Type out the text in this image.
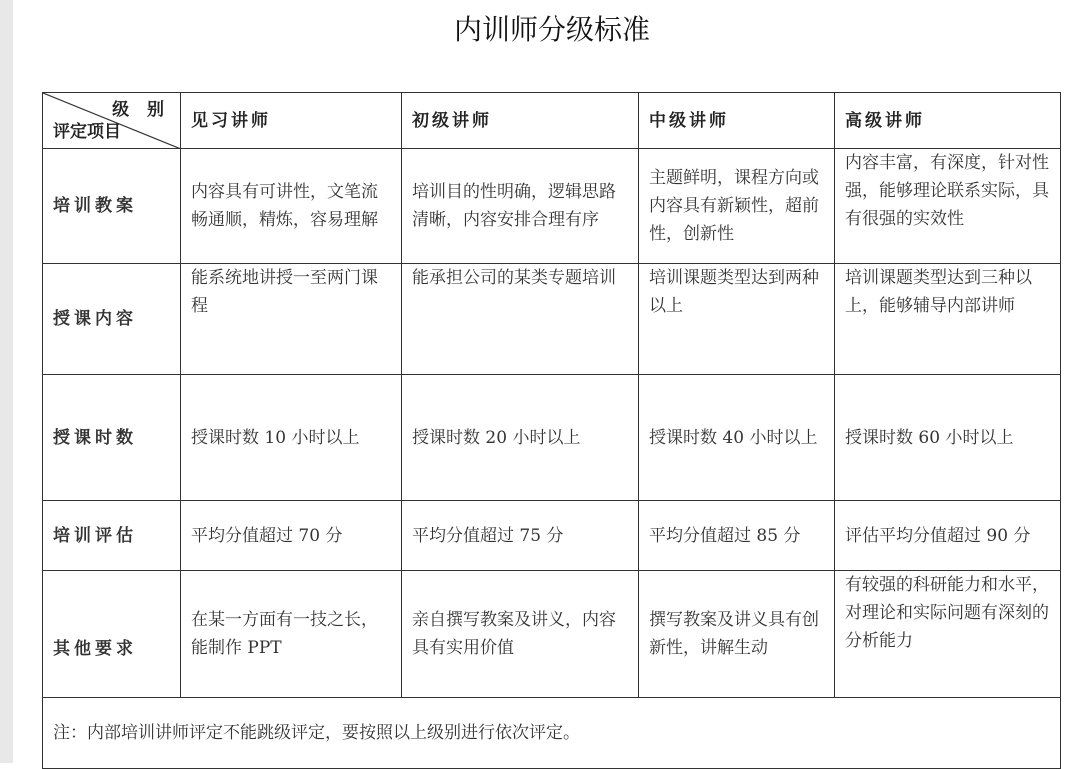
内训师分级标准
级 别
评定项目	见习讲师	初级讲师	中级讲师	高级讲师
培训教案	内容具有可讲性，文笔流畅通顺，精炼，容易理解	培训目的性明确，逻辑思路清晰，内容安排合理有序	主题鲜明，课程方向或内容具有新颖性，超前性，创新性	内容丰富，有深度，针对性强，能够理论联系实际，具有很强的实效性
授课内容	能系统地讲授一至两门课程	能承担公司的某类专题培训	培训课题类型达到两种以上	培训课题类型达到三种以上，能够辅导内部讲师
授课时数	授课时数 10 小时以上	授课时数 20 小时以上	授课时数 40 小时以上	授课时数 60 小时以上
培训评估	平均分值超过 70 分	平均分值超过 75 分	平均分值超过 85 分	评估平均分值超过 90 分
其他要求	在某一方面有一技之长，能制作 PPT	亲自撰写教案及讲义，内容具有实用价值	撰写教案及讲义具有创新性，讲解生动	有较强的科研能力和水平，对理论和实际问题有深刻的分析能力
注：内部培训讲师评定不能跳级评定，要按照以上级别进行依次评定。				
